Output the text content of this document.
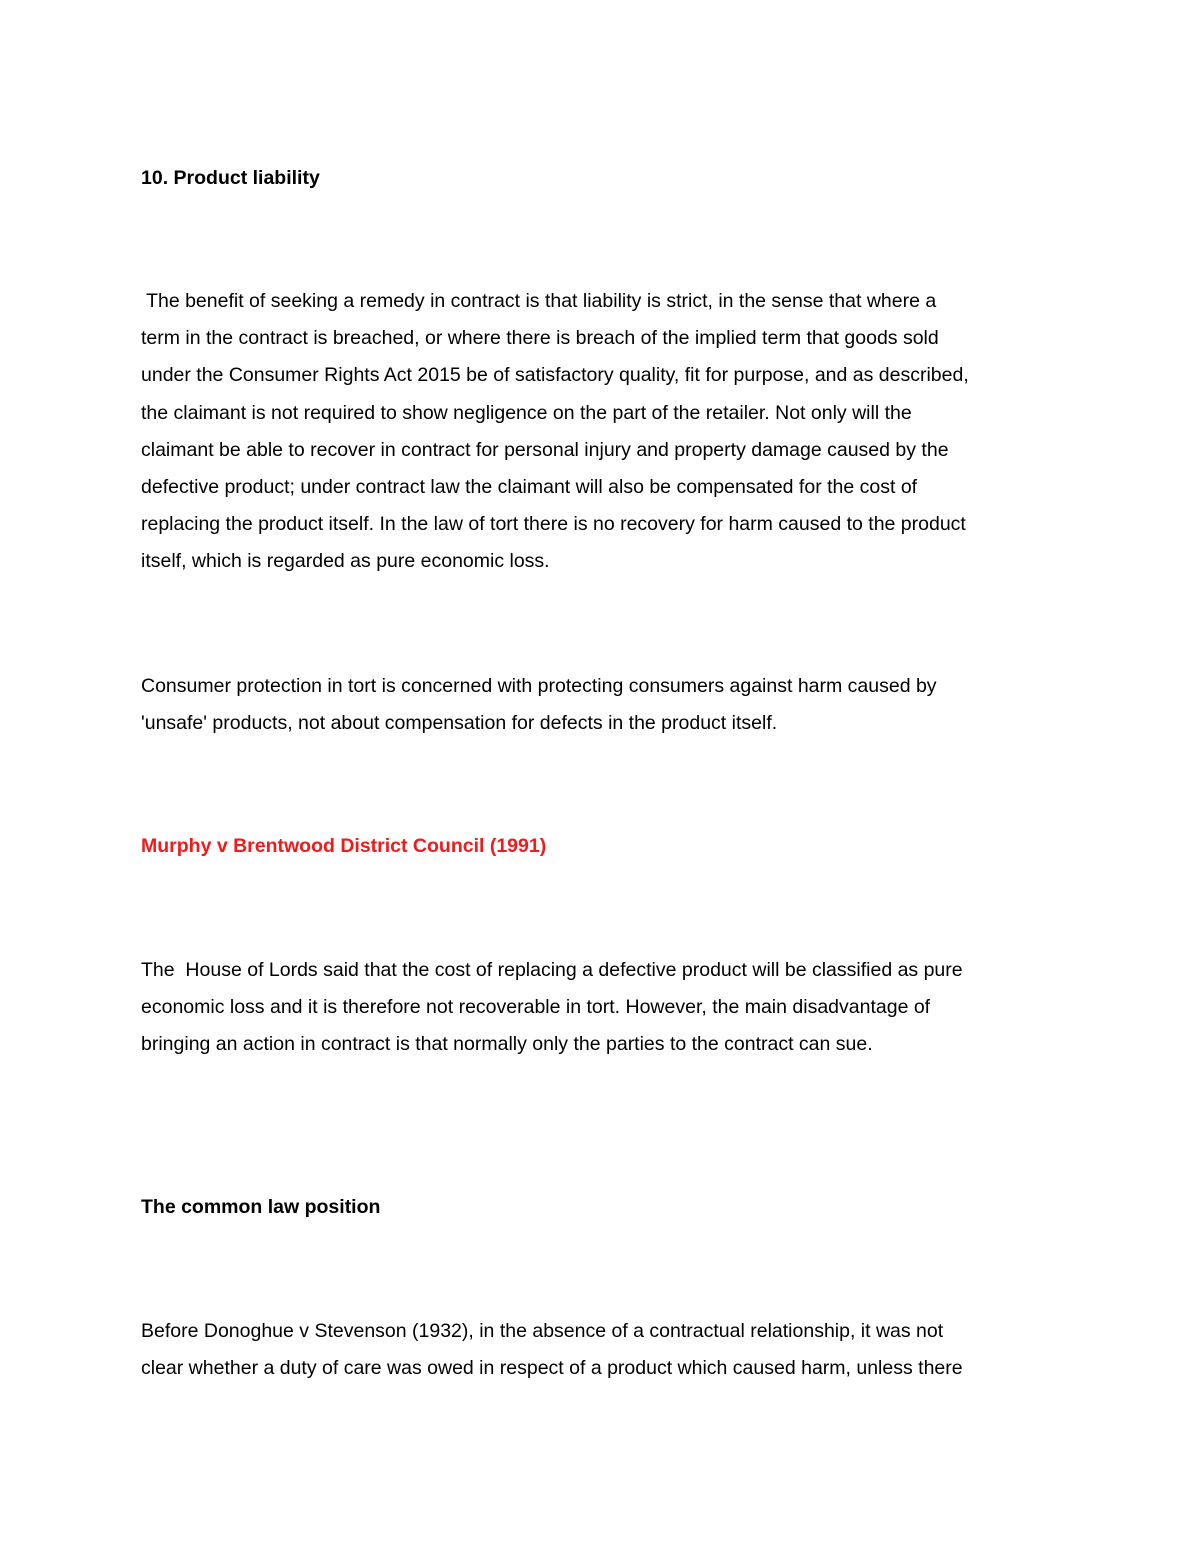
10. Product liability
The benefit of seeking a remedy in contract is that liability is strict, in the sense that where a
term in the contract is breached, or where there is breach of the implied term that goods sold
under the Consumer Rights Act 2015 be of satisfactory quality, fit for purpose, and as described,
the claimant is not required to show negligence on the part of the retailer. Not only will the
claimant be able to recover in contract for personal injury and property damage caused by the
defective product; under contract law the claimant will also be compensated for the cost of
replacing the product itself. In the law of tort there is no recovery for harm caused to the product
itself, which is regarded as pure economic loss.
Consumer protection in tort is concerned with protecting consumers against harm caused by
'unsafe' products, not about compensation for defects in the product itself.
Murphy v Brentwood District Council (1991)
The  House of Lords said that the cost of replacing a defective product will be classified as pure
economic loss and it is therefore not recoverable in tort. However, the main disadvantage of
bringing an action in contract is that normally only the parties to the contract can sue.
The common law position
Before Donoghue v Stevenson (1932), in the absence of a contractual relationship, it was not
clear whether a duty of care was owed in respect of a product which caused harm, unless there
